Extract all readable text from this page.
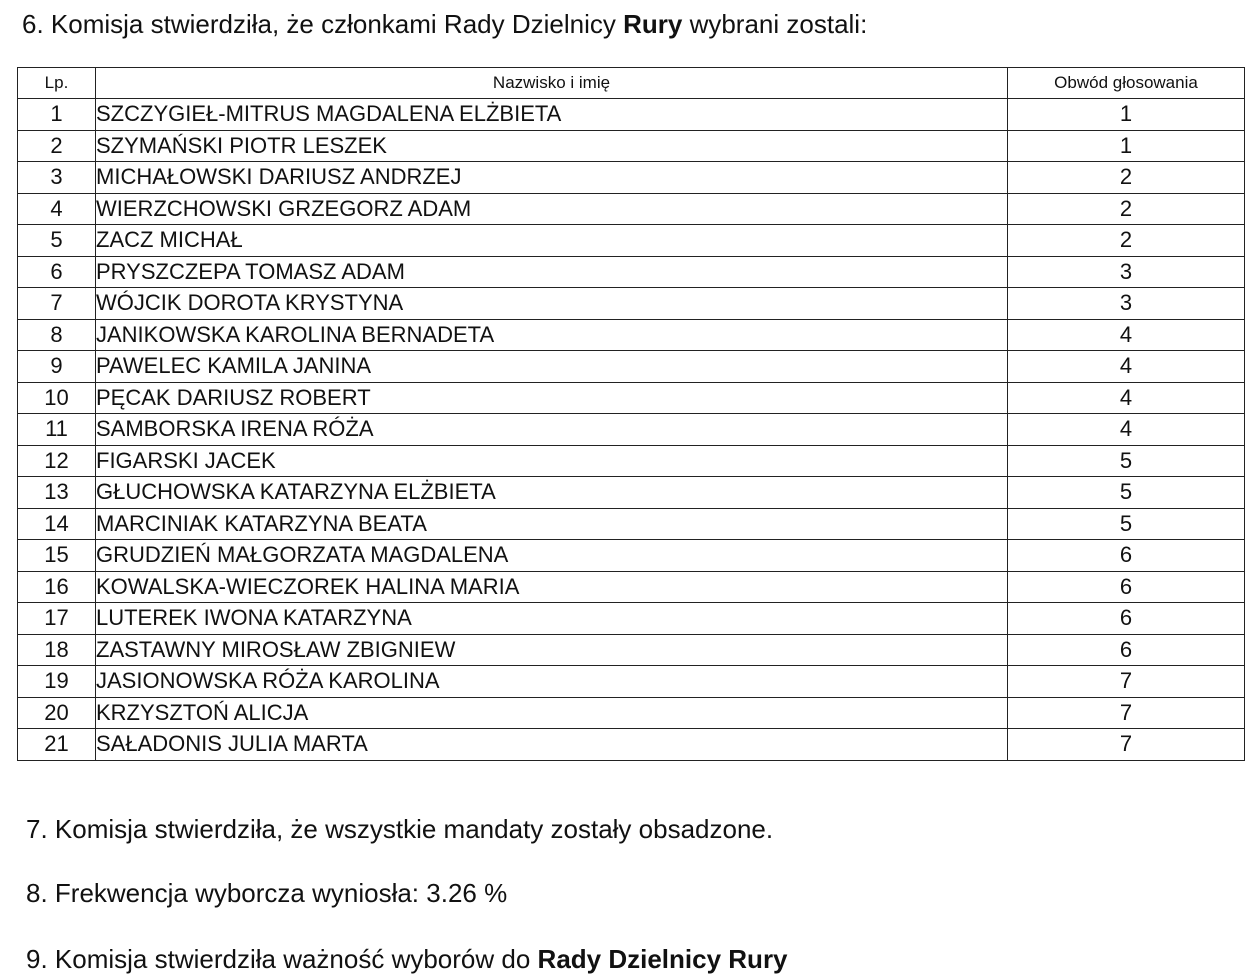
6. Komisja stwierdziła, że członkami Rady Dzielnicy Rury wybrani zostali:
Lp.	Nazwisko i imię	Obwód głosowania
1	SZCZYGIEŁ-MITRUS MAGDALENA ELŻBIETA	1
2	SZYMAŃSKI PIOTR LESZEK	1
3	MICHAŁOWSKI DARIUSZ ANDRZEJ	2
4	WIERZCHOWSKI GRZEGORZ ADAM	2
5	ZACZ MICHAŁ	2
6	PRYSZCZEPA TOMASZ ADAM	3
7	WÓJCIK DOROTA KRYSTYNA	3
8	JANIKOWSKA KAROLINA BERNADETA	4
9	PAWELEC KAMILA JANINA	4
10	PĘCAK DARIUSZ ROBERT	4
11	SAMBORSKA IRENA RÓŻA	4
12	FIGARSKI JACEK	5
13	GŁUCHOWSKA KATARZYNA ELŻBIETA	5
14	MARCINIAK KATARZYNA BEATA	5
15	GRUDZIEŃ MAŁGORZATA MAGDALENA	6
16	KOWALSKA-WIECZOREK HALINA MARIA	6
17	LUTEREK IWONA KATARZYNA	6
18	ZASTAWNY MIROSŁAW ZBIGNIEW	6
19	JASIONOWSKA RÓŻA KAROLINA	7
20	KRZYSZTOŃ ALICJA	7
21	SAŁADONIS JULIA MARTA	7
7. Komisja stwierdziła, że wszystkie mandaty zostały obsadzone.
8. Frekwencja wyborcza wyniosła: 3.26 %
9. Komisja stwierdziła ważność wyborów do Rady Dzielnicy Rury
